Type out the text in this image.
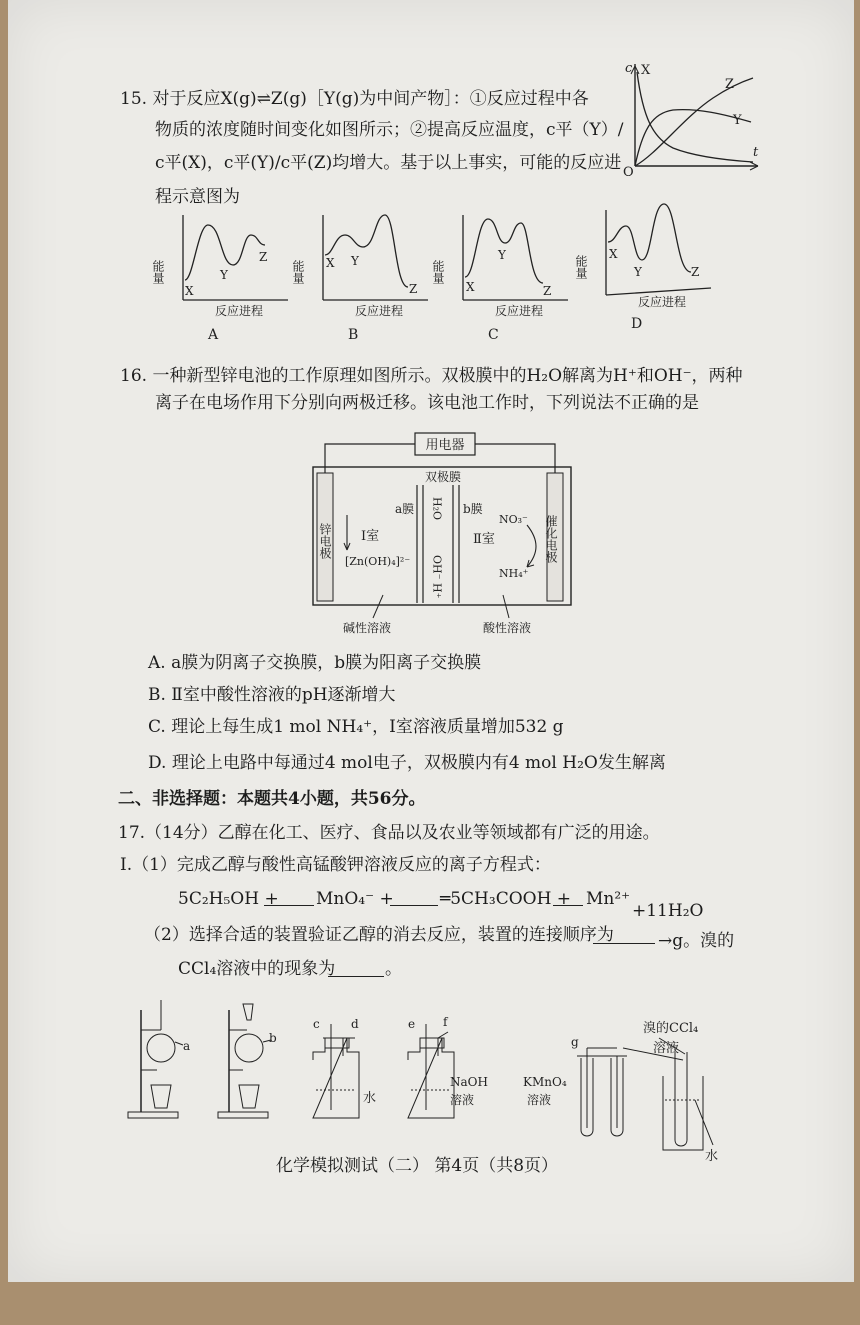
15. 对于反应X(g)⇌Z(g)［Y(g)为中间产物］：①反应过程中各
物质的浓度随时间变化如图所示；②提高反应温度，c平（Y）/
c平(X)，c平(Y)/c平(Z)均增大。基于以上事实，可能的反应进
程示意图为
c X
Z
Y
t
O
能量
X
Y
Z
反应进程
A
能量 X Y
Z
反应进程
B
能量
X
Y
Z
反应进程
C
能量
X
Y	Z
反应进程
D
16. 一种新型锌电池的工作原理如图所示。双极膜中的H₂O解离为H⁺和OH⁻，两种
离子在电场作用下分别向两极迁移。该电池工作时，下列说法不正确的是
用电器
双极膜
a膜	b膜
H₂O
OH⁻
H⁺
锌电极 Ⅰ室
[Zn(OH)₄]²⁻
Ⅱ室
NO₃⁻
NH₄⁺
催化电极
碱性溶液	酸性溶液
A. a膜为阴离子交换膜，b膜为阳离子交换膜
B. Ⅱ室中酸性溶液的pH逐渐增大
C. 理论上每生成1 mol NH₄⁺，Ⅰ室溶液质量增加532 g
D. 理论上电路中每通过4 mol电子，双极膜内有4 mol H₂O发生解离
二、非选择题：本题共4小题，共56分。
17.（14分）乙醇在化工、医疗、食品以及农业等领域都有广泛的用途。
Ⅰ.（1）完成乙醇与酸性高锰酸钾溶液反应的离子方程式：
5C₂H₅OH + MnO₄⁻ +	═5CH₃COOH + Mn²⁺
+11H₂O
（2）选择合适的装置验证乙醇的消去反应，装置的连接顺序为	→g。溴的
CCl₄溶液中的现象为	。
a
b
c	d
水
e f
NaOH
溶液
g
KMnO₄
溶液
溴的CCl₄
溶液
水
化学模拟测试（二） 第4页（共8页）
